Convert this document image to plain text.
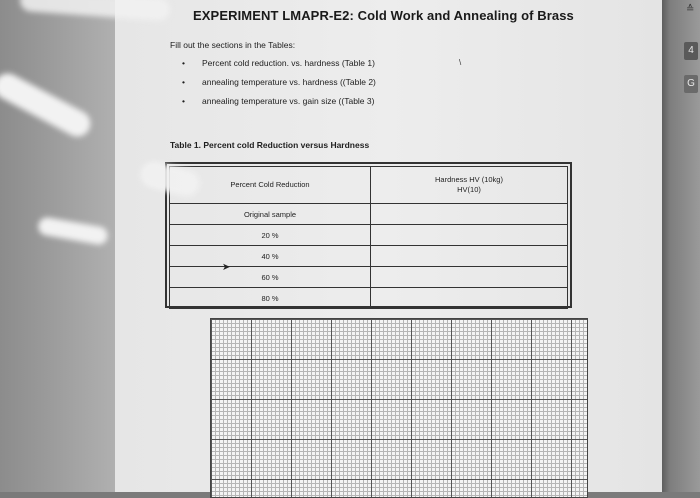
≙
4
G
EXPERIMENT LMAPR-E2: Cold Work and Annealing of Brass
Fill out the sections in the Tables:
\
• Percent cold reduction. vs. hardness (Table 1)
• annealing temperature vs. hardness ((Table 2)
• annealing temperature vs. gain size ((Table 3)
Table 1. Percent cold Reduction versus Hardness
Percent Cold Reduction	Hardness HV (10kg)
HV(10)
Original sample	
20 %	
40 %	
60 %	
80 %	
➤
